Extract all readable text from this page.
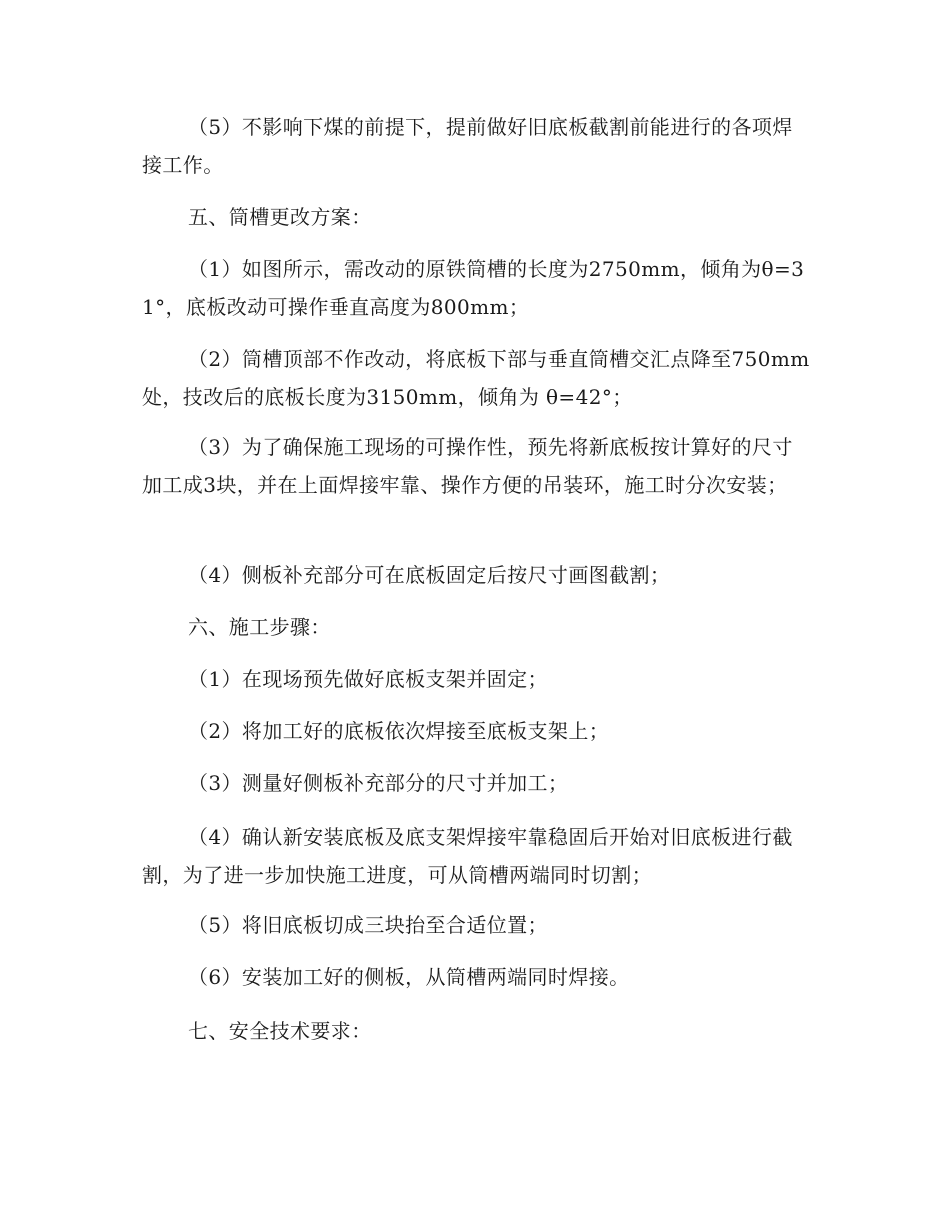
（5）不影响下煤的前提下，提前做好旧底板截割前能进行的各项焊接工作。

五、筒槽更改方案：

（1）如图所示，需改动的原铁筒槽的长度为2750mm，倾角为θ=31°，底板改动可操作垂直高度为800mm；

（2）筒槽顶部不作改动，将底板下部与垂直筒槽交汇点降至750mm处，技改后的底板长度为3150mm，倾角为 θ=42°；

（3）为了确保施工现场的可操作性，预先将新底板按计算好的尺寸加工成3块，并在上面焊接牢靠、操作方便的吊装环，施工时分次安装；

（4）侧板补充部分可在底板固定后按尺寸画图截割；

六、施工步骤：

（1）在现场预先做好底板支架并固定；

（2）将加工好的底板依次焊接至底板支架上；

（3）测量好侧板补充部分的尺寸并加工；

（4）确认新安装底板及底支架焊接牢靠稳固后开始对旧底板进行截割，为了进一步加快施工进度，可从筒槽两端同时切割；

（5）将旧底板切成三块抬至合适位置；

（6）安装加工好的侧板，从筒槽两端同时焊接。

七、安全技术要求：
